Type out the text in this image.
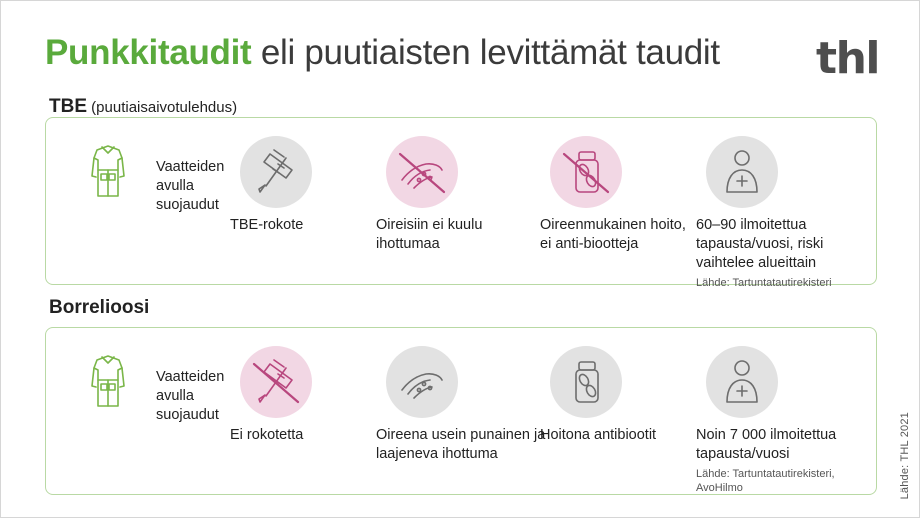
Punkkitaudit eli puutiaisten levittämät taudit	thl
TBE (puutiaisaivotulehdus)
Vaatteiden avulla suojaudut
TBE-rokote	Oireisiin ei kuulu ihottumaa
Oireenmukainen hoito, ei anti-biootteja
60–90 ilmoitettua tapausta/vuosi, riski vaihtelee alueittain
Lähde: Tartuntatautirekisteri
Borrelioosi
Vaatteiden avulla suojaudut
Ei rokotetta	Oireena usein punainen ja laajeneva ihottuma
Hoitona antibiootit	Noin 7 000 ilmoitettua tapausta/vuosi
Lähde: Tartuntatautirekisteri, AvoHilmo	Lähde: THL 2021
